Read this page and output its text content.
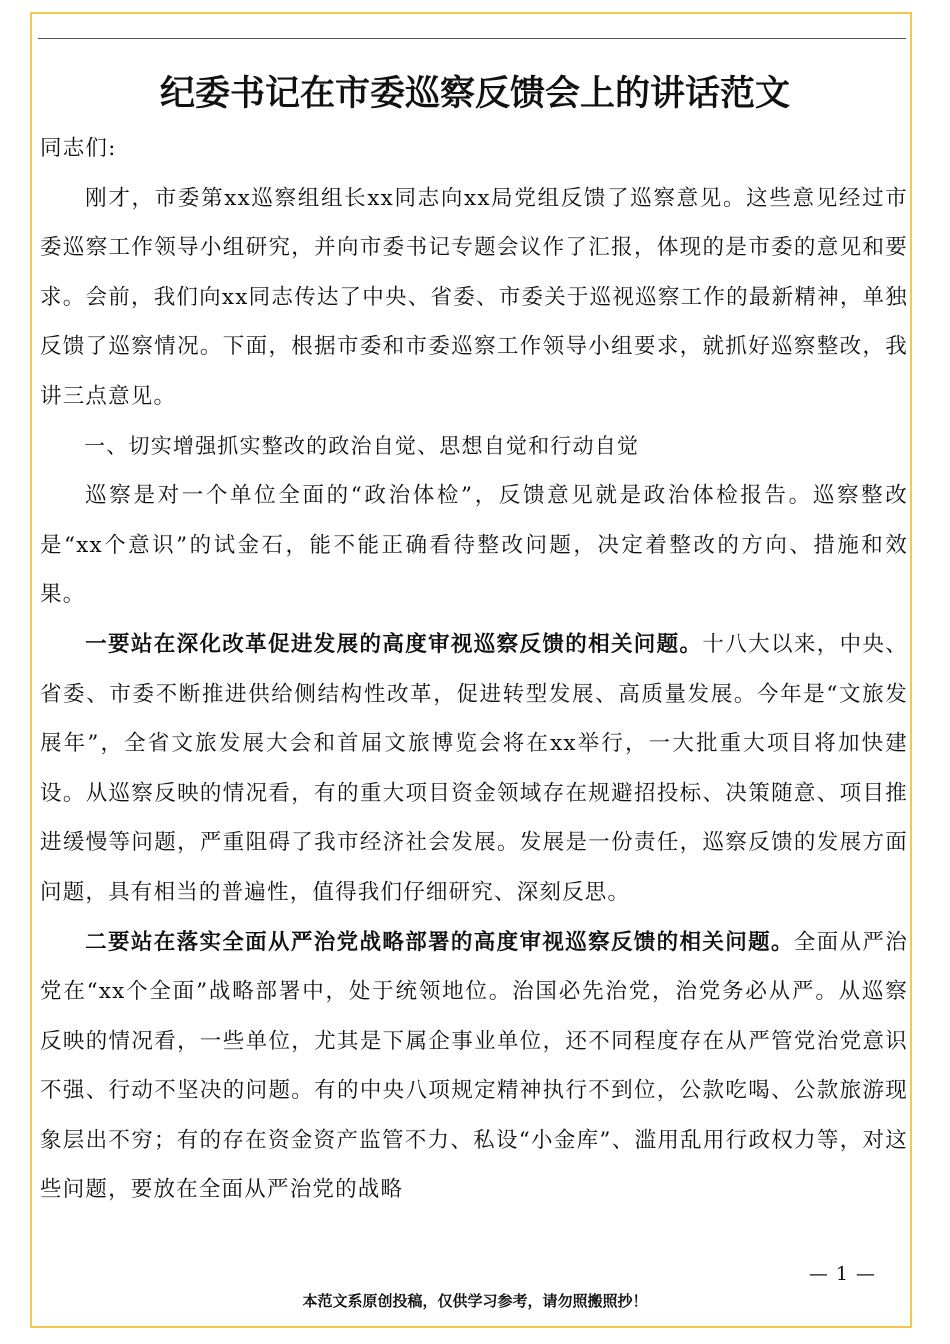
纪委书记在市委巡察反馈会上的讲话范文

同志们:

刚才，市委第xx巡察组组长xx同志向xx局党组反馈了巡察意见。这些意见经过市委巡察工作领导小组研究，并向市委书记专题会议作了汇报，体现的是市委的意见和要求。会前，我们向xx同志传达了中央、省委、市委关于巡视巡察工作的最新精神，单独反馈了巡察情况。下面，根据市委和市委巡察工作领导小组要求，就抓好巡察整改，我讲三点意见。

一、切实增强抓实整改的政治自觉、思想自觉和行动自觉

巡察是对一个单位全面的“政治体检”，反馈意见就是政治体检报告。巡察整改是“xx个意识”的试金石，能不能正确看待整改问题，决定着整改的方向、措施和效果。

一要站在深化改革促进发展的高度审视巡察反馈的相关问题。十八大以来，中央、省委、市委不断推进供给侧结构性改革，促进转型发展、高质量发展。今年是“文旅发展年”，全省文旅发展大会和首届文旅博览会将在xx举行，一大批重大项目将加快建设。从巡察反映的情况看，有的重大项目资金领域存在规避招投标、决策随意、项目推进缓慢等问题，严重阻碍了我市经济社会发展。发展是一份责任，巡察反馈的发展方面问题，具有相当的普遍性，值得我们仔细研究、深刻反思。

二要站在落实全面从严治党战略部署的高度审视巡察反馈的相关问题。全面从严治党在“xx个全面”战略部署中，处于统领地位。治国必先治党，治党务必从严。从巡察反映的情况看，一些单位，尤其是下属企事业单位，还不同程度存在从严管党治党意识不强、行动不坚决的问题。有的中央八项规定精神执行不到位，公款吃喝、公款旅游现象层出不穷；有的存在资金资产监管不力、私设“小金库”、滥用乱用行政权力等，对这些问题，要放在全面从严治党的战略

— 1 —
本范文系原创投稿，仅供学习参考，请勿照搬照抄！
